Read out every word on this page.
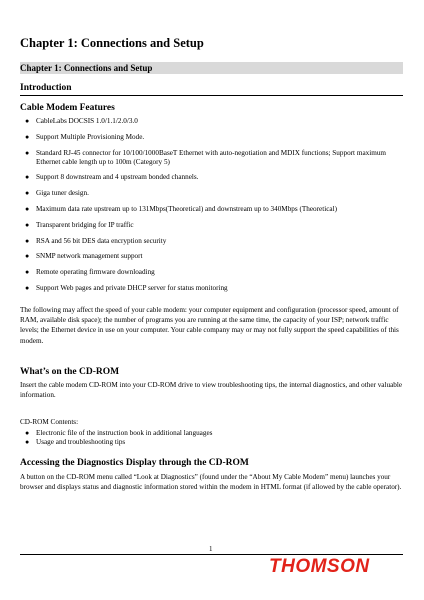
Chapter 1: Connections and Setup
Chapter 1: Connections and Setup
Introduction
Cable Modem Features
● CableLabs DOCSIS 1.0/1.1/2.0/3.0
● Support Multiple Provisioning Mode.
● Standard RJ-45 connector for 10/100/1000BaseT Ethernet with auto-negotiation and MDIX functions; Support maximum Ethernet cable length up to 100m (Category 5)
● Support 8 downstream and 4 upstream bonded channels.
● Giga tuner design.
● Maximum data rate upstream up to 131Mbps(Theoretical) and downstream up to 340Mbps (Theoretical)
● Transparent bridging for IP traffic
● RSA and 56 bit DES data encryption security
● SNMP network management support
● Remote operating firmware downloading
● Support Web pages and private DHCP server for status monitoring

The following may affect the speed of your cable modem: your computer equipment and configuration (processor speed, amount of RAM, available disk space); the number of programs you are running at the same time, the capacity of your ISP; network traffic levels; the Ethernet device in use on your computer. Your cable company may or may not fully support the speed capabilities of this modem.

What’s on the CD-ROM

Insert the cable modem CD-ROM into your CD-ROM drive to view troubleshooting tips, the internal diagnostics, and other valuable information.

CD-ROM Contents:

● Electronic file of the instruction book in additional languages
● Usage and troubleshooting tips
Accessing the Diagnostics Display through the CD-ROM

A button on the CD-ROM menu called “Look at Diagnostics” (found under the “About My Cable Modem” menu) launches your browser and displays status and diagnostic information stored within the modem in HTML format (if allowed by the cable operator).

1
THOMSON
